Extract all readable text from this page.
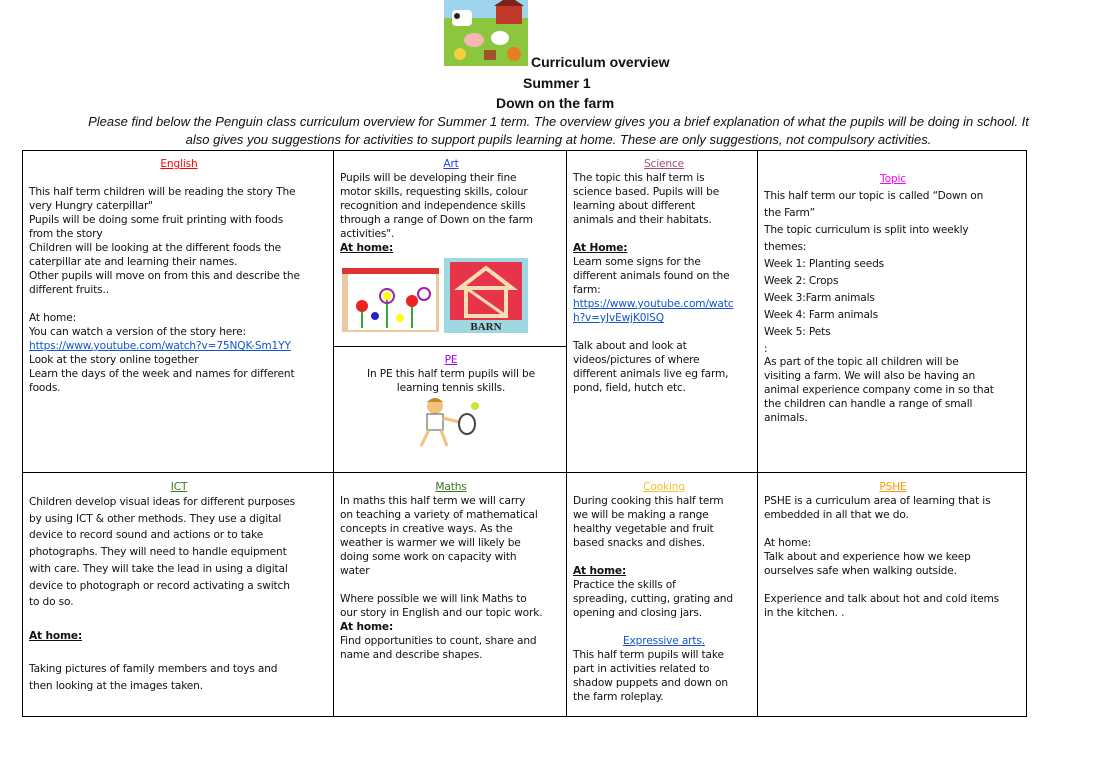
Curriculum overview
Summer 1
Down on the farm
Please find below the Penguin class curriculum overview for Summer 1 term. The overview gives you a brief explanation of what the pupils will be doing in school. It
also gives you suggestions for activities to support pupils learning at home. These are only suggestions, not compulsory activities.
English
This half term children will be reading the story The
very Hungry caterpillar"
Pupils will be doing some fruit printing with foods
from the story
Children will be looking at the different foods the
caterpillar ate and learning their names.
Other pupils will move on from this and describe the
different fruits..
At home:
You can watch a version of the story here:
https://www.youtube.com/watch?v=75NQK-Sm1YY
Look at the story online together
Learn the days of the week and names for different
foods.
Art
Pupils will be developing their fine
motor skills, requesting skills, colour
recognition and independence skills
through a range of Down on the farm
activities".
At home:
BARN
PE
In PE this half term pupils will be
learning tennis skills.
Science
The topic this half term is
science based. Pupils will be
learning about different
animals and their habitats.
At Home:
Learn some signs for the
different animals found on the
farm:
https://www.youtube.com/watc
h?v=yJvEwjK0lSQ
Talk about and look at
videos/pictures of where
different animals live eg farm,
pond, field, hutch etc.
Topic
This half term our topic is called “Down on
the Farm”
The topic curriculum is split into weekly
themes:
Week 1: Planting seeds
Week 2: Crops
Week 3:Farm animals
Week 4: Farm animals
Week 5: Pets
:
As part of the topic all children will be
visiting a farm. We will also be having an
animal experience company come in so that
the children can handle a range of small
animals.
ICT
Children develop visual ideas for different purposes
by using ICT & other methods. They use a digital
device to record sound and actions or to take
photographs. They will need to handle equipment
with care. They will take the lead in using a digital
device to photograph or record activating a switch
to do so.
At home:
Taking pictures of family members and toys and
then looking at the images taken.
Maths
In maths this half term we will carry
on teaching a variety of mathematical
concepts in creative ways. As the
weather is warmer we will likely be
doing some work on capacity with
water
Where possible we will link Maths to
our story in English and our topic work.
At home:
Find opportunities to count, share and
name and describe shapes.
Cooking
During cooking this half term
we will be making a range
healthy vegetable and fruit
based snacks and dishes.
At home:
Practice the skills of
spreading, cutting, grating and
opening and closing jars.
Expressive arts.
This half term pupils will take
part in activities related to
shadow puppets and down on
the farm roleplay.
PSHE
PSHE is a curriculum area of learning that is
embedded in all that we do.
At home:
Talk about and experience how we keep
ourselves safe when walking outside.
Experience and talk about hot and cold items
in the kitchen. .
